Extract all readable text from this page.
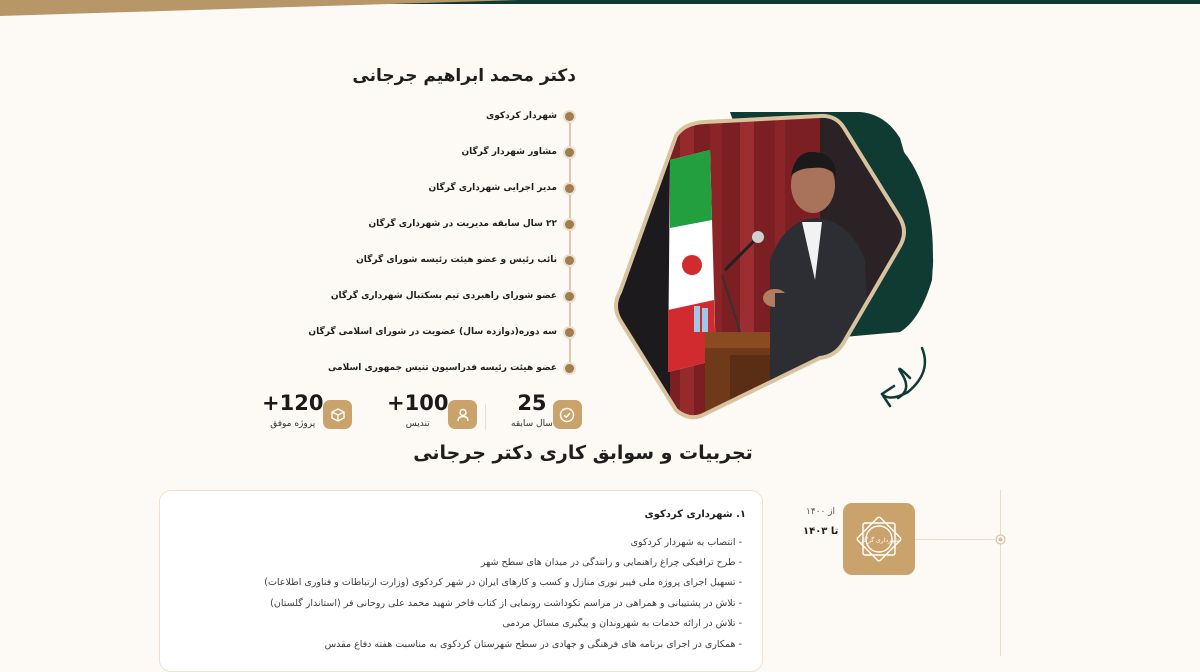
دکتر محمد ابراهیم جرجانی
شهردار کردکوی
مشاور شهردار گرگان
مدیر اجرایی شهرداری گرگان
۲۲ سال سابقه مدیریت در شهرداری گرگان
نائب رئیس و عضو هیئت رئیسه شورای گرگان
عضو شورای راهبردی تیم بسکتبال شهرداری گرگان
سه دوره(دوازده سال) عضویت در شورای اسلامی گرگان
عضو هیئت رئیسه فدراسیون تنیس جمهوری اسلامی
25
سال سابقه
+100
تندیس
+120
پروژه موفق
تجربیات و سوابق کاری دکتر جرجانی
۱. شهرداری کردکوی
- انتصاب به شهردار کردکوی
- طرح ترافیکی چراغ راهنمایی و رانندگی در میدان های سطح شهر
- تسهیل اجرای پروژه ملی فیبر نوری منازل و کسب و کارهای ایران در شهر کردکوی (وزارت ارتباطات و فناوری اطلاعات)
- تلاش در پشتیبانی و همراهی در مراسم تکوداشت رونمایی از کتاب فاخر شهید محمد علی روحانی فر (استاندار گلستان)
- تلاش در ارائه خدمات به شهروندان و پیگیری مسائل مردمی
- همکاری در اجرای برنامه های فرهنگی و جهادی در سطح شهرستان کردکوی به مناسبت هفته دفاع مقدس
از ۱۴۰۰
تا ۱۴۰۳
شهرداری گرگان
